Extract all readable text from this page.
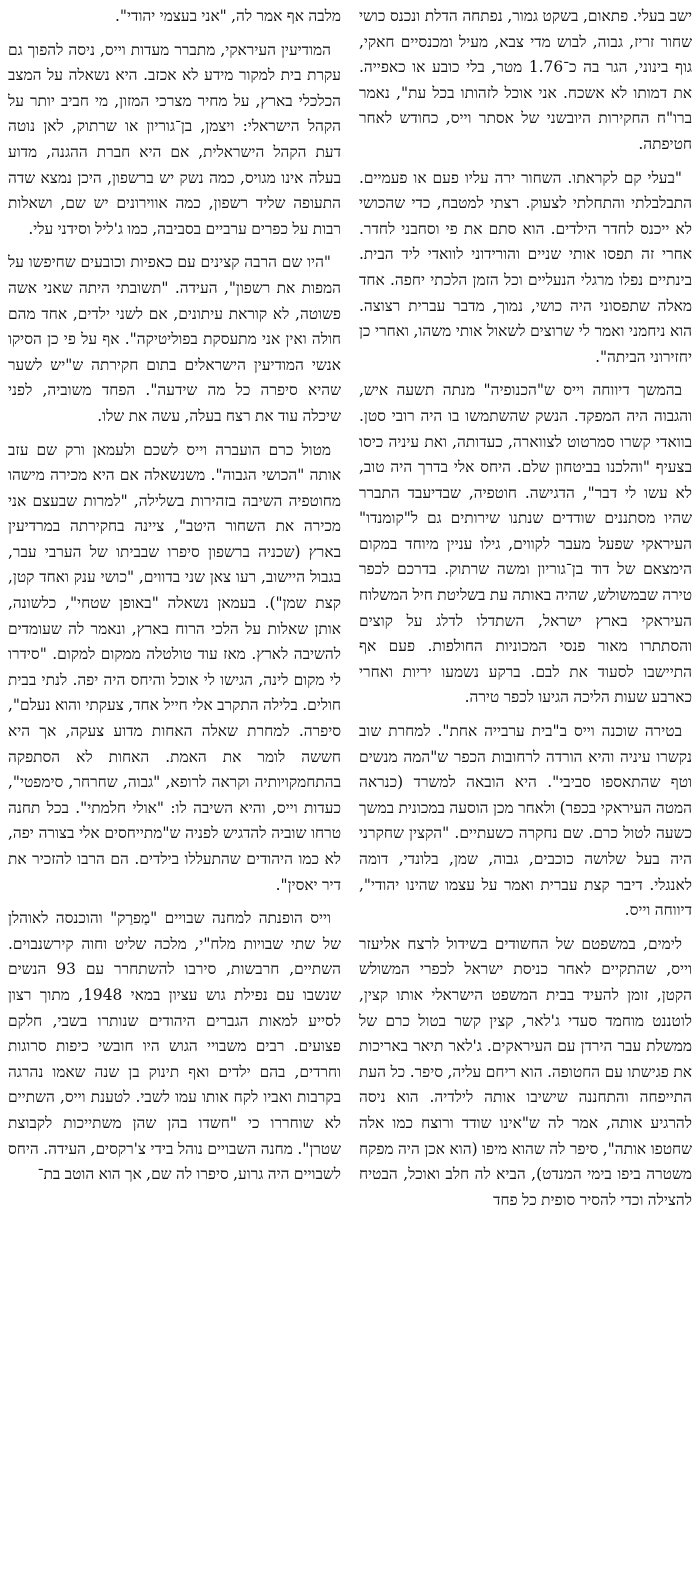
ישב בעלי. פתאום, בשקט גמור, נפתחה הדלת ונכנס כושי שחור זריז, גבוה, לבוש מדי צבא, מעיל ומכנסיים חאקי, גוף בינוני, הגר בה כ־1.76 מטר, בלי כובע או כאפייה. את דמותו לא אשכח. אני אוכל לזהותו בכל עת", נאמר ברו"ח החקירות היובשני של אסתר וייס, כחודש לאחר חטיפתה.

"בעלי קם לקראתו. השחור ירה עליו פעם או פעמיים. התבלבלתי והתחלתי לצעוק. רצתי למטבח, כדי שהכושי לא ייכנס לחדר הילדים. הוא סתם את פי וסחבני לחדר. אחרי זה תפסו אותי שניים והורידוני לוואדי ליד הבית. בינתיים נפלו מרגלי הנעליים וכל הזמן הלכתי יחפה. אחד מאלה שתפסוני היה כושי, נמוך, מדבר עברית רצוצה. הוא ניחמני ואמר לי שרוצים לשאול אותי משהו, ואחרי כן יחזירוני הביתה".

בהמשך דיווחה וייס ש"הכנופיה" מנתה תשעה איש, והגבוה היה המפקד. הנשק שהשתמשו בו היה רובי סטן. בוואדי קשרו סמרטוט לצווארה, כעדותה, ואת עיניה כיסו בצעיף "והלכנו בביטחון שלם. היחס אלי בדרך היה טוב, לא עשו לי דבר", הדגישה. חוטפיה, שבדיעבד התברר שהיו מסתננים שודדים שנתנו שירותים גם ל"קומנדו" העיראקי שפעל מעבר לקווים, גילו עניין מיוחד במקום הימצאם של דוד בן־גוריון ומשה שרתוק. בדרכם לכפר טירה שבמשולש, שהיה באותה עת בשליטת חיל המשלוח העיראקי בארץ ישראל, השתדלו לדלג על קוצים והסתתרו מאור פנסי המכוניות החולפות. פעם אף התיישבו לסעוד את לבם. ברקע נשמעו יריות ואחרי כארבע שעות הליכה הגיעו לכפר טירה.

בטירה שוכנה וייס ב"בית ערבייה אחת". למחרת שוב נקשרו עיניה והיא הורדה לרחובות הכפר ש"המה מנשים וטף שהתאספו סביבי". היא הובאה למשרד (כנראה המטה העיראקי בכפר) ולאחר מכן הוסעה במכונית במשך כשעה לטול כרם. שם נחקרה כשעתיים. "הקצין שחקרני היה בעל שלושה כוכבים, גבוה, שמן, בלונדי, דומה לאנגלי. דיבר קצת עברית ואמר על עצמו שהינו יהודי", דיווחה וייס.

לימים, במשפטם של החשודים בשידול לרצח אליעזר וייס, שהתקיים לאחר כניסת ישראל לכפרי המשולש הקטן, זומן להעיד בבית המשפט הישראלי אותו קצין, לוטננט מוחמד סעדי ג'לאר, קצין קשר בטול כרם של ממשלת עבר הירדן עם העיראקים. ג'לאר תיאר באריכות את פגישתו עם החטופה. הוא ריחם עליה, סיפר. כל העת התייפחה והתחננה שישיבו אותה לילדיה. הוא ניסה להרגיע אותה, אמר לה ש"אינו שודד ורוצח כמו אלה שחטפו אותה", סיפר לה שהוא מיפו (הוא אכן היה מפקח משטרה ביפו בימי המנדט), הביא לה חלב ואוכל, הבטיח להצילה וכדי להסיר סופית כל פחד

מלבה אף אמר לה, "אני בעצמי יהודי".

המודיעין העיראקי, מתברר מעדות וייס, ניסה להפוך גם עקרת בית למקור מידע לא אכזב. היא נשאלה על המצב הכלכלי בארץ, על מחיר מצרכי המזון, מי חביב יותר על הקהל הישראלי: ויצמן, בן־גוריון או שרתוק, לאן נוטה דעת הקהל הישראלית, אם היא חברת ההגנה, מדוע בעלה אינו מגויס, כמה נשק יש ברשפון, היכן נמצא שדה התעופה שליד רשפון, כמה אווירונים יש שם, ושאלות רבות על כפרים ערביים בסביבה, כמו ג'ליל וסידני עלי.

"היו שם הרבה קצינים עם כאפיות וכובעים שחיפשו על המפות את רשפון", העידה. "תשובתי היתה שאני אשה פשוטה, לא קוראת עיתונים, אם לשני ילדים, אחד מהם חולה ואין אני מתעסקת בפוליטיקה". אף על פי כן הסיקו אנשי המודיעין הישראלים בתום חקירתה ש"יש לשער שהיא סיפרה כל מה שידעה". הפחד משוביה, לפני שיכלה עוד את רצח בעלה, עשה את שלו.

מטול כרם הועברה וייס לשכם ולעמאן ורק שם עזב אותה "הכושי הגבוה". משנשאלה אם היא מכירה מישהו מחוטפיה השיבה בזהירות בשלילה, "למרות שבעצם אני מכירה את השחור היטב", ציינה בחקירתה במרדיעין בארץ (שכניה ברשפון סיפרו שבביתו של הערבי עבר, בגבול היישוב, רעו צאן שני בדווים, "כושי ענק ואחד קטן, קצת שמן"). בעמאן נשאלה "באופן שטחי", כלשונה, אותן שאלות על הלכי הרוח בארץ, ונאמר לה שעומדים להשיבה לארץ. מאז עוד טולטלה ממקום למקום. "סידרו לי מקום לינה, הגישו לי אוכל והיחס היה יפה. לנתי בבית חולים. בלילה התקרב אלי חייל אחד, צעקתי והוא נעלם", סיפרה. למחרת שאלה האחות מדוע צעקה, אך היא חששה לומר את האמת. האחות לא הסתפקה בהתחמקויותיה וקראה לרופא, "גבוה, שחרחר, סימפטי", כעדות וייס, והיא השיבה לו: "אולי חלמתי". בכל תחנה טרחו שוביה להדגיש לפניה ש"מתייחסים אלי בצורה יפה, לא כמו היהודים שהתעללו בילדים. הם הרבו להזכיר את דיר יאסין".

וייס הופנתה למחנה שבויים "מַפרַק" והוכנסה לאוהלן של שתי שבויות מלח"י, מלכה שליט וחוה קירשנבוים. השתיים, חרבשות, סירבו להשתחרר עם 93 הנשים שנשבו עם נפילת גוש עציון במאי 1948, מתוך רצון לסייע למאות הגברים היהודים שנותרו בשבי, חלקם פצועים. רבים משבויי הגוש היו חובשי כיפות סרוגות וחרדים, בהם ילדים ואף תינוק בן שנה שאמו נהרגה בקרבות ואביו לקח אותו עמו לשבי. לטענת וייס, השתיים לא שוחררו כי "חשדו בהן שהן משתייכות לקבוצת שטרן". מחנה השבויים נוהל בידי צ'רקסים, העידה. היחס לשבויים היה גרוע, סיפרו לה שם, אך הוא הוטב בת־
